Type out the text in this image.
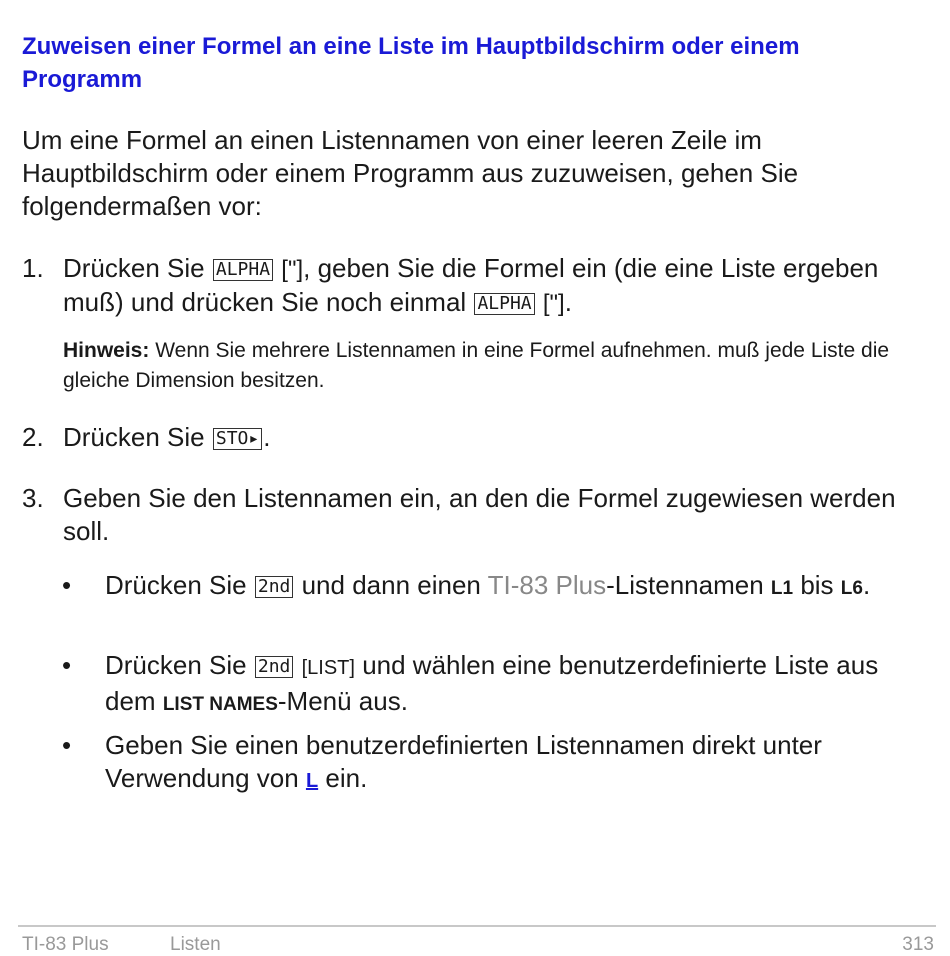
Zuweisen einer Formel an eine Liste im Hauptbildschirm oder einem Programm
Um eine Formel an einen Listennamen von einer leeren Zeile im Hauptbildschirm oder einem Programm aus zuzuweisen, gehen Sie folgendermaßen vor:
1. Drücken Sie ALPHA ["], geben Sie die Formel ein (die eine Liste ergeben muß) und drücken Sie noch einmal ALPHA ["].
Hinweis: Wenn Sie mehrere Listennamen in eine Formel aufnehmen. muß jede Liste die gleiche Dimension besitzen.
2. Drücken Sie STO▸ .
3. Geben Sie den Listennamen ein, an den die Formel zugewiesen werden soll.
• Drücken Sie 2nd und dann einen TI-83 Plus-Listennamen L1 bis L6.
• Drücken Sie 2nd [LIST] und wählen eine benutzerdefinierte Liste aus dem LIST NAMES-Menü aus.
• Geben Sie einen benutzerdefinierten Listennamen direkt unter Verwendung von L ein.
TI-83 Plus	Listen	313
